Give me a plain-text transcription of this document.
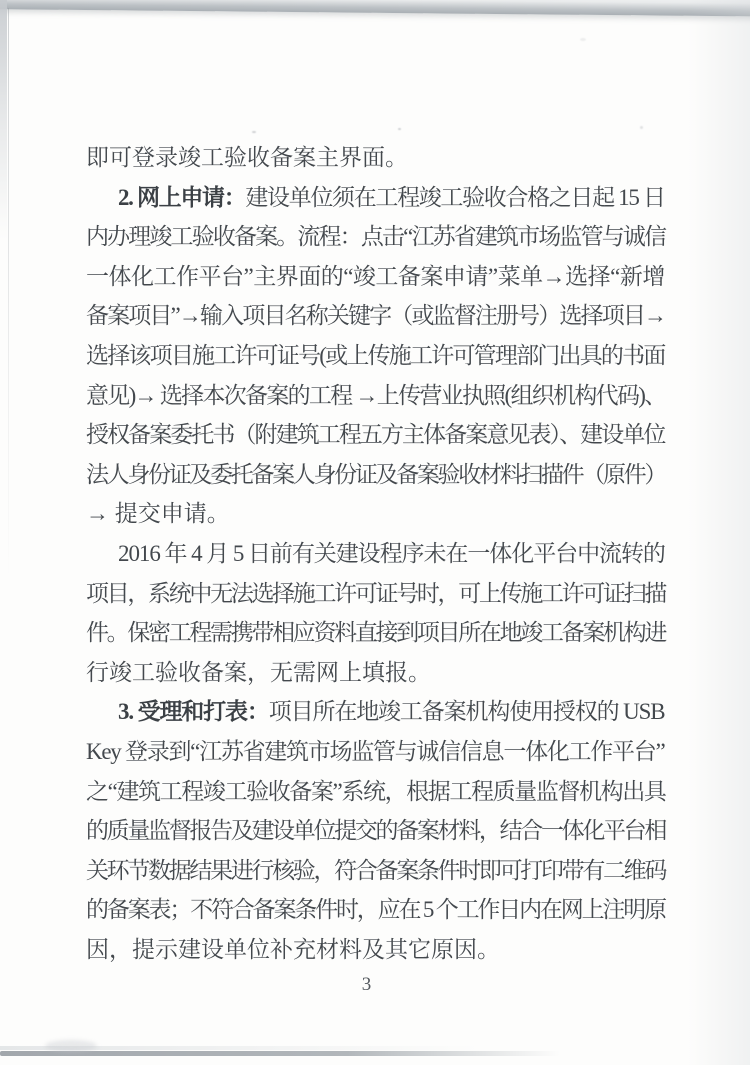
即可登录竣工验收备案主界面。
2. 网上申请：建设单位须在工程竣工验收合格之日起 15 日
内办理竣工验收备案。流程：点击“江苏省建筑市场监管与诚信
一体化工作平台”主界面的“竣工备案申请”菜单→选择“新增
备案项目”→输入项目名称关键字（或监督注册号）选择项目→
选择该项目施工许可证号(或上传施工许可管理部门出具的书面
意见)→ 选择本次备案的工程 →上传营业执照(组织机构代码)、
授权备案委托书（附建筑工程五方主体备案意见表）、建设单位
法人身份证及委托备案人身份证及备案验收材料扫描件（原件）
→ 提交申请。
2016 年 4 月 5 日前有关建设程序未在一体化平台中流转的
项目，系统中无法选择施工许可证号时，可上传施工许可证扫描
件。保密工程需携带相应资料直接到项目所在地竣工备案机构进
行竣工验收备案，无需网上填报。
3. 受理和打表：项目所在地竣工备案机构使用授权的 USB
Key 登录到“江苏省建筑市场监管与诚信信息一体化工作平台”
之“建筑工程竣工验收备案”系统，根据工程质量监督机构出具
的质量监督报告及建设单位提交的备案材料，结合一体化平台相
关环节数据结果进行核验，符合备案条件时即可打印带有二维码
的备案表；不符合备案条件时，应在 5 个工作日内在网上注明原
因，提示建设单位补充材料及其它原因。
3
